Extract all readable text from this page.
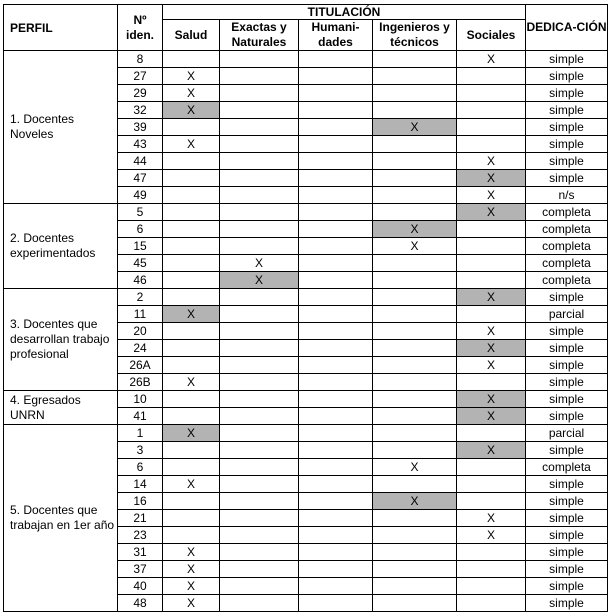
PERFIL	Nº iden.	TITULACIÓN					DEDICA-CIÓN
		Salud	Exactas y Naturales	Humani-dades	Ingenieros y técnicos	Sociales	
1. Docentes Noveles	8					X	simple
	27	X					simple
	29	X					simple
	32	X					simple
	39				X		simple
	43	X					simple
	44					X	simple
	47					X	simple
	49					X	n/s
2. Docentes experimentados	5					X	completa
	6				X		completa
	15				X		completa
	45		X				completa
	46		X				completa
3. Docentes que desarrollan trabajo profesional	2					X	simple
	11	X					parcial
	20					X	simple
	24					X	simple
	26A					X	simple
	26B	X					simple
4. Egresados UNRN	10					X	simple
	41					X	simple
5. Docentes que trabajan en 1er año	1	X					parcial
	3					X	simple
	6				X		completa
	14	X					simple
	16				X		simple
	21					X	simple
	23					X	simple
	31	X					simple
	37	X					simple
	40	X					simple
	48	X					simple
